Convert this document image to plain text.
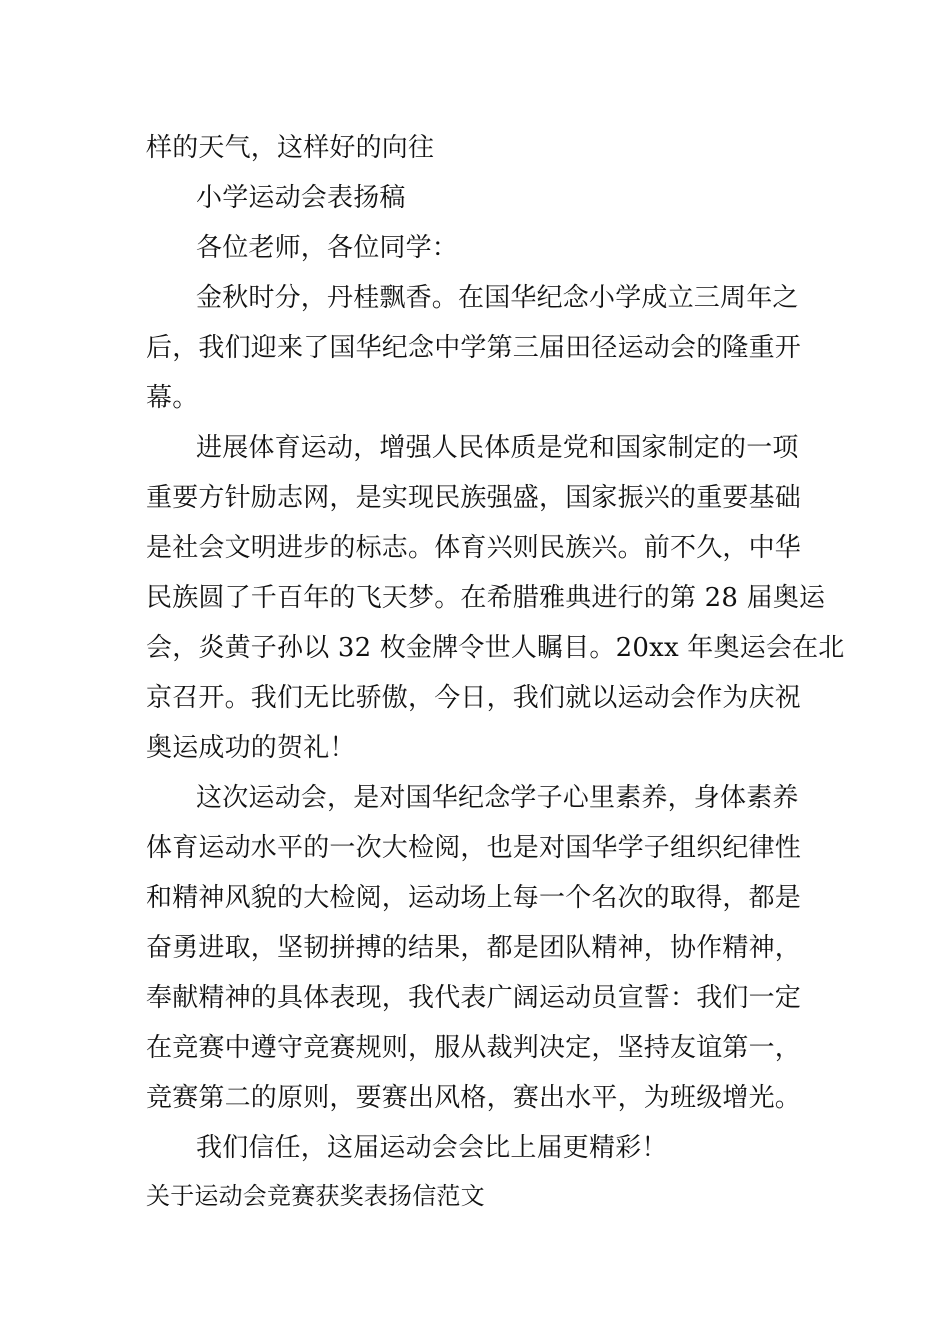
样的天气，这样好的向往
小学运动会表扬稿
各位老师，各位同学：
金秋时分，丹桂飘香。在国华纪念小学成立三周年之
后，我们迎来了国华纪念中学第三届田径运动会的隆重开
幕。
进展体育运动，增强人民体质是党和国家制定的一项
重要方针励志网，是实现民族强盛，国家振兴的重要基础
是社会文明进步的标志。体育兴则民族兴。前不久，中华
民族圆了千百年的飞天梦。在希腊雅典进行的第 28 届奥运
会，炎黄子孙以 32 枚金牌令世人瞩目。20xx 年奥运会在北
京召开。我们无比骄傲，今日，我们就以运动会作为庆祝
奥运成功的贺礼！
这次运动会，是对国华纪念学子心里素养，身体素养
体育运动水平的一次大检阅，也是对国华学子组织纪律性
和精神风貌的大检阅，运动场上每一个名次的取得，都是
奋勇进取，坚韧拼搏的结果，都是团队精神，协作精神，
奉献精神的具体表现，我代表广阔运动员宣誓：我们一定
在竞赛中遵守竞赛规则，服从裁判决定，坚持友谊第一，
竞赛第二的原则，要赛出风格，赛出水平，为班级增光。
我们信任，这届运动会会比上届更精彩！
关于运动会竞赛获奖表扬信范文
